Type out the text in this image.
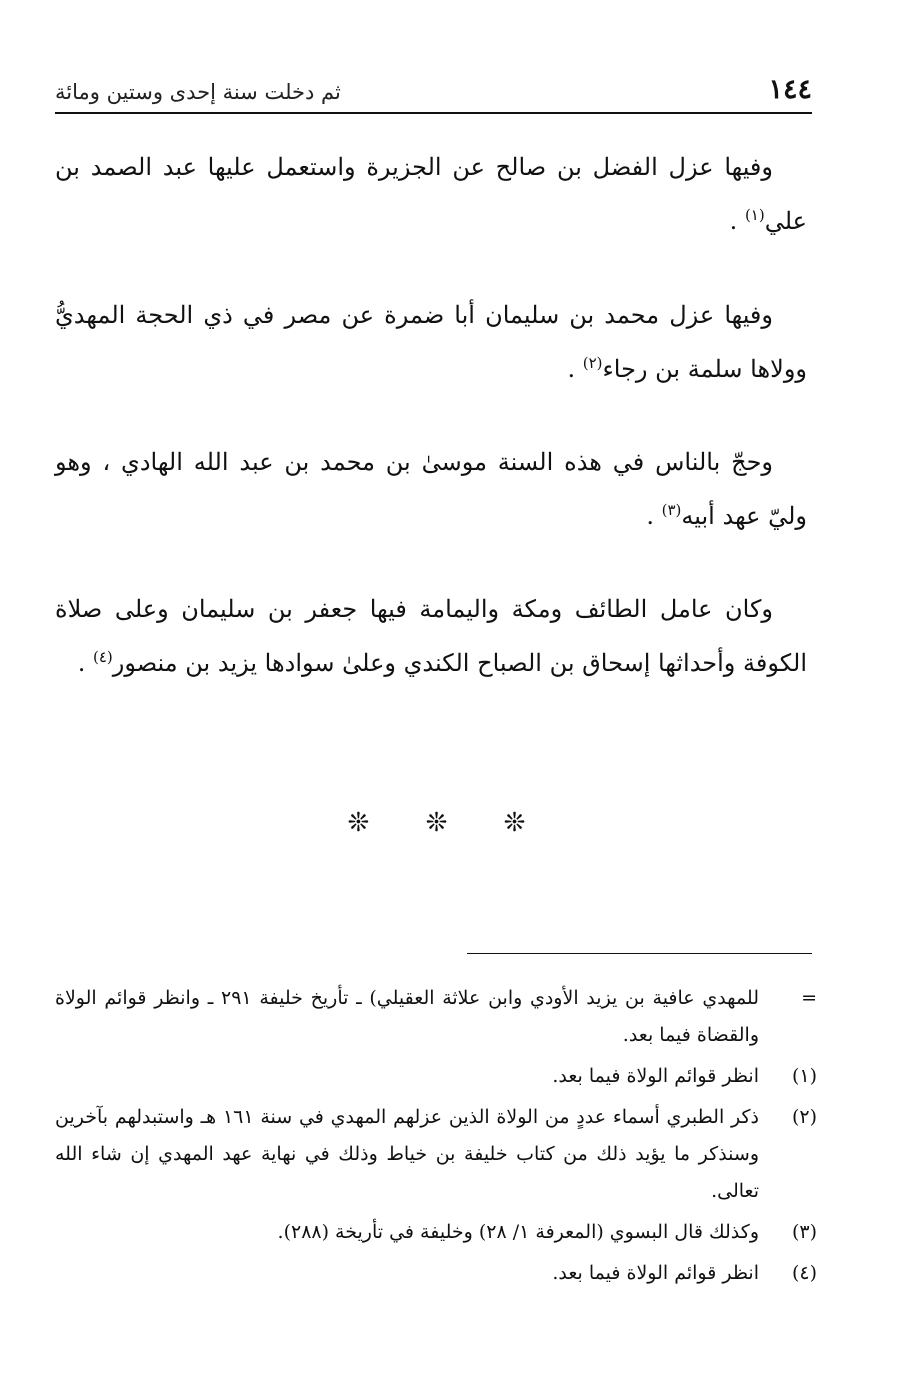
١٤٤
ثم دخلت سنة إحدى وستين ومائة

وفيها عزل الفضل بن صالح عن الجزيرة واستعمل عليها عبد الصمد بن علي$^{(١)}$ .

وفيها عزل محمد بن سليمان أبا ضمرة عن مصر في ذي الحجة المهديُّ وولاها سلمة بن رجاء$^{(٢)}$ .

وحجّ بالناس في هذه السنة موسىٰ بن محمد بن عبد الله الهادي ، وهو وليّ عهد أبيه$^{(٣)}$ .

وكان عامل الطائف ومكة واليمامة فيها جعفر بن سليمان وعلى صلاة الكوفة وأحداثها إسحاق بن الصباح الكندي وعلىٰ سوادها يزيد بن منصور$^{(٤)}$ .

❊ ❊ ❊
=
للمهدي عافية بن يزيد الأودي وابن علاثة العقيلي) ـ تأريخ خليفة ٢٩١ ـ وانظر قوائم الولاة والقضاة فيما بعد.
(١)
انظر قوائم الولاة فيما بعد.
(٢)
ذكر الطبري أسماء عددٍ من الولاة الذين عزلهم المهدي في سنة ١٦١ هـ واستبدلهم بآخرين وسنذكر ما يؤيد ذلك من كتاب خليفة بن خياط وذلك في نهاية عهد المهدي إن شاء الله تعالى.
(٣)
وكذلك قال البسوي (المعرفة ١/ ٢٨) وخليفة في تأريخة (٢٨٨).
(٤)
انظر قوائم الولاة فيما بعد.
